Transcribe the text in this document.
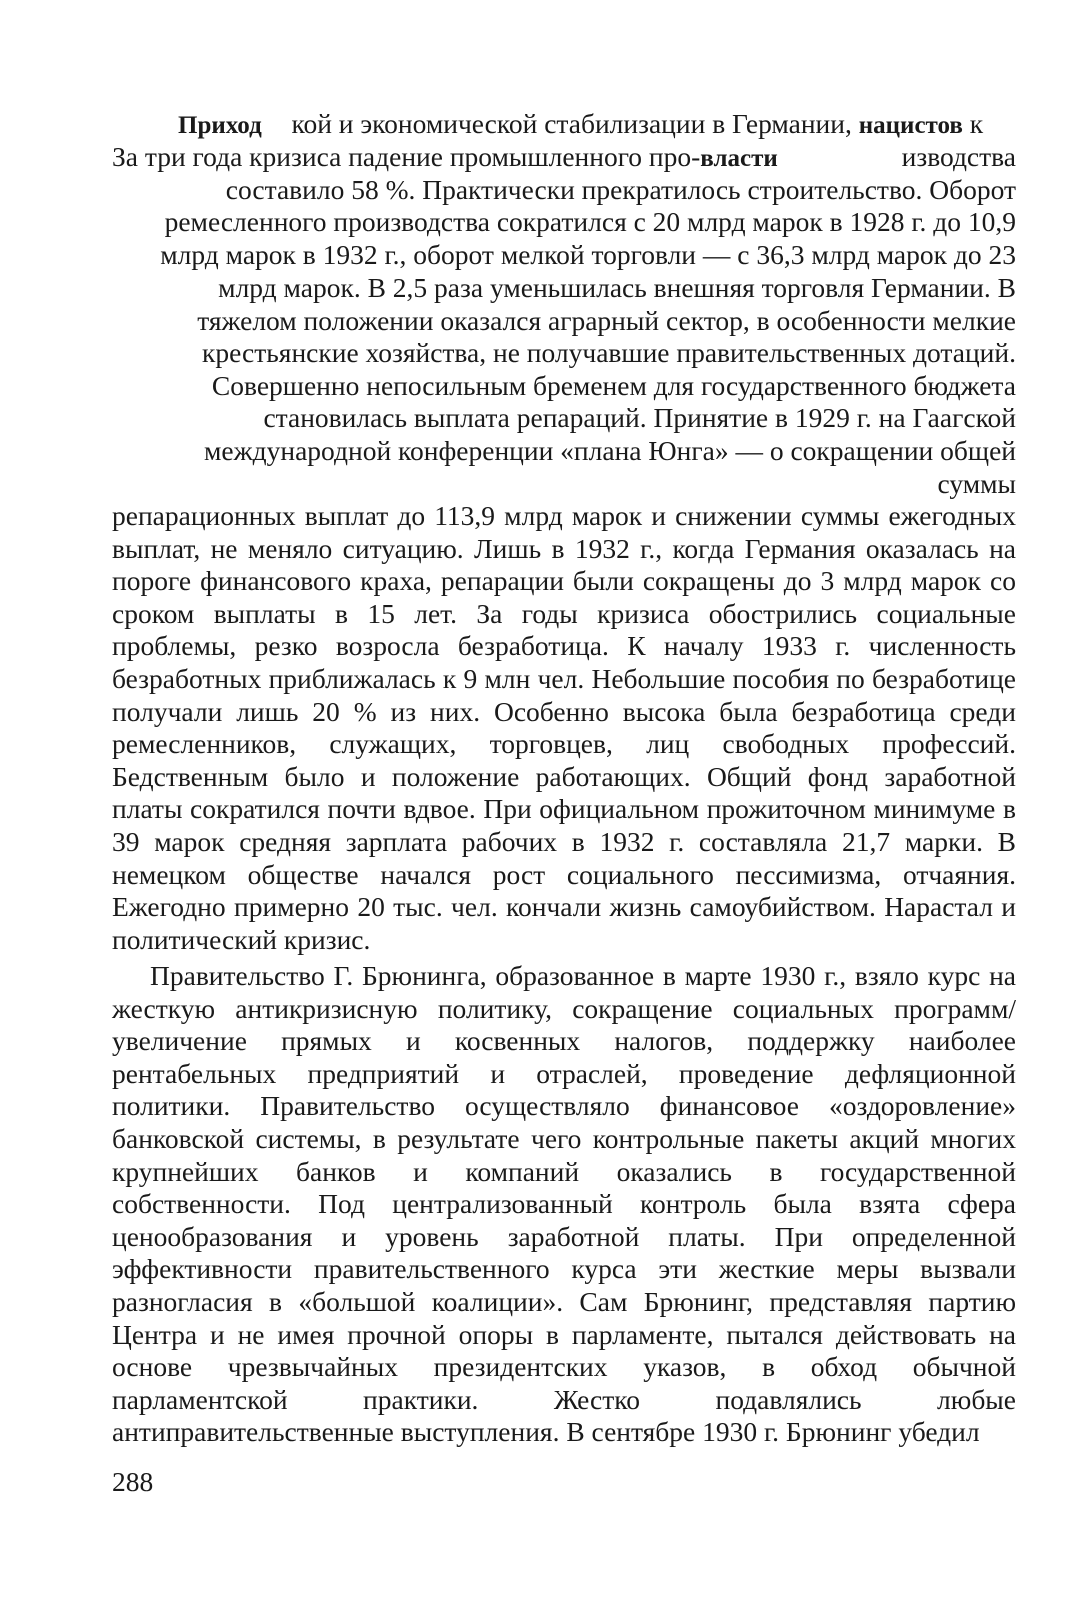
Приход кой и экономической стабилизации в Германии, нацистов к
За три года кризиса падение промышленного про-власти	изводства
составило 58 %. Практически прекратилось строительство. Оборот
ремесленного производства сократился с 20 млрд марок в 1928 г. до 10,9
млрд марок в 1932 г., оборот мелкой торговли — с 36,3 млрд марок до 23
млрд марок. В 2,5 раза уменьшилась внешняя торговля Германии. В
тяжелом положении оказался аграрный сектор, в особенности мелкие
крестьянские хозяйства, не получавшие правительственных дотаций.
Совершенно непосильным бременем для государственного бюджета
становилась выплата репараций. Принятие в 1929 г. на Гаагской
международной конференции «плана Юнга» — о сокращении общей
суммы

репарационных выплат до 113,9 млрд марок и снижении суммы ежегодных выплат, не меняло ситуацию. Лишь в 1932 г., когда Германия оказалась на пороге финансового краха, репарации были сокращены до 3 млрд марок со сроком выплаты в 15 лет. За годы кризиса обострились социальные проблемы, резко возросла безработица. К началу 1933 г. численность безработных приближалась к 9 млн чел. Небольшие пособия по безработице получали лишь 20 % из них. Особенно высока была безработица среди ремесленников, служащих, торговцев, лиц свободных профессий. Бедственным было и положение работающих. Общий фонд заработной платы сократился почти вдвое. При официальном прожиточном минимуме в 39 марок средняя зарплата рабочих в 1932 г. составляла 21,7 марки. В немецком обществе начался рост социального пессимизма, отчаяния. Ежегодно примерно 20 тыс. чел. кончали жизнь самоубийством. Нарастал и политический кризис.

Правительство Г. Брюнинга, образованное в марте 1930 г., взяло курс на жесткую антикризисную политику, сокращение социальных программ/увеличение прямых и косвенных налогов, поддержку наиболее рентабельных предприятий и отраслей, проведение дефляционной политики. Правительство осуществляло финансовое «оздоровление» банковской системы, в результате чего контрольные пакеты акций многих крупнейших банков и компаний оказались в государственной собственности. Под централизованный контроль была взята сфера ценообразования и уровень заработной платы. При определенной эффективности правительственного курса эти жесткие меры вызвали разногласия в «большой коалиции». Сам Брюнинг, представляя партию Центра и не имея прочной опоры в парламенте, пытался действовать на основе чрезвычайных президентских указов, в обход обычной парламентской практики. Жестко подавлялись любые антиправительственные выступления. В сентябре 1930 г. Брюнинг убедил

288
